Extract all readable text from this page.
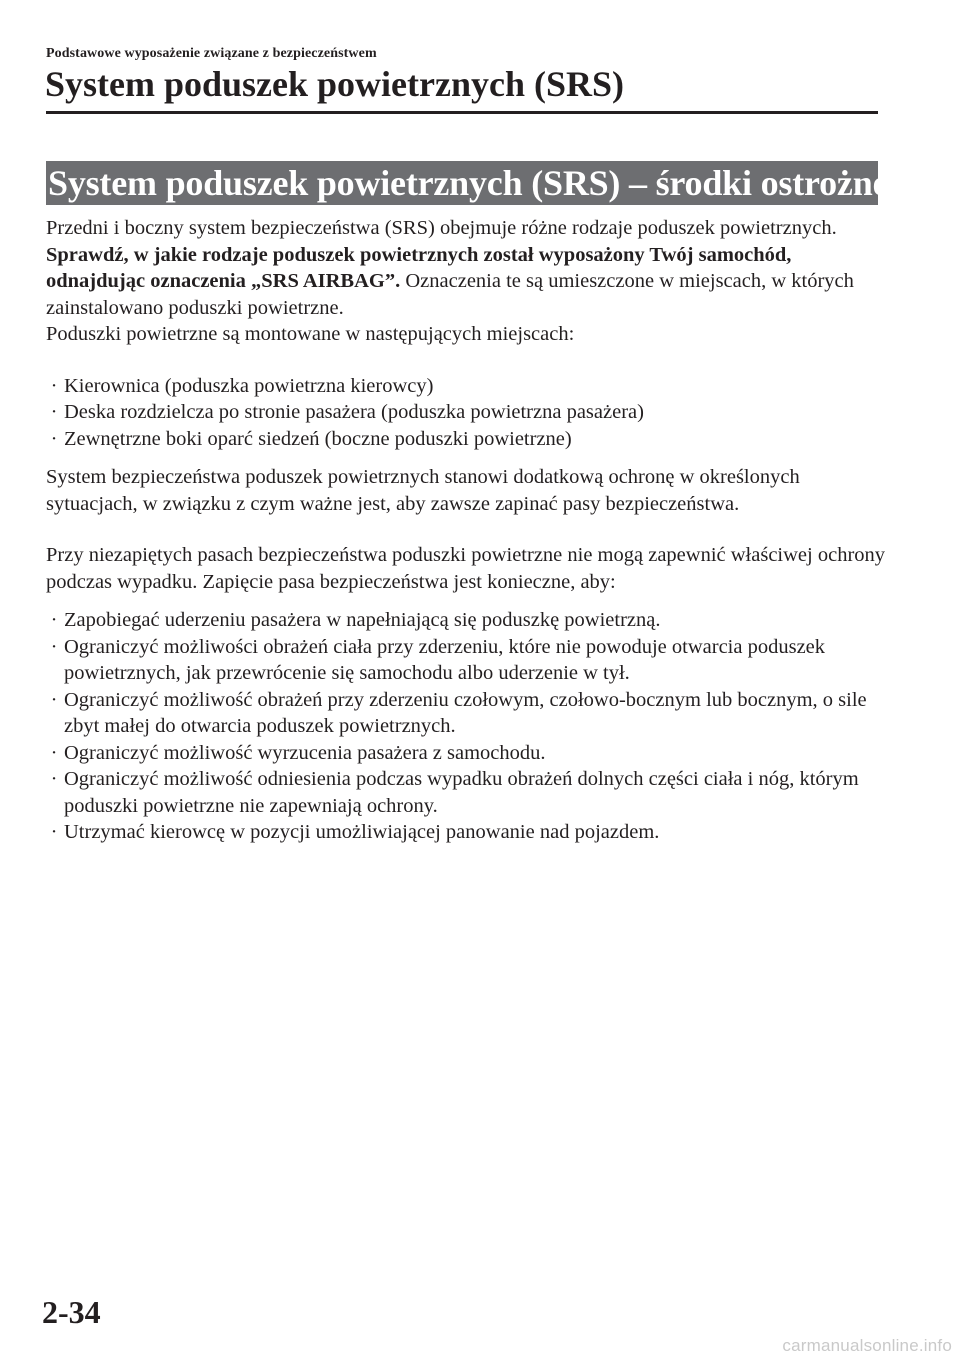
Podstawowe wyposażenie związane z bezpieczeństwem
System poduszek powietrznych (SRS)
System poduszek powietrznych (SRS) – środki ostrożności

Przedni i boczny system bezpieczeństwa (SRS) obejmuje różne rodzaje poduszek powietrznych. Sprawdź, w jakie rodzaje poduszek powietrznych został wyposażony Twój samochód, odnajdując oznaczenia „SRS AIRBAG”. Oznaczenia te są umieszczone w miejscach, w których zainstalowano poduszki powietrzne.

Poduszki powietrzne są montowane w następujących miejscach:

· Kierownica (poduszka powietrzna kierowcy)
· Deska rozdzielcza po stronie pasażera (poduszka powietrzna pasażera)
· Zewnętrzne boki oparć siedzeń (boczne poduszki powietrzne)

System bezpieczeństwa poduszek powietrznych stanowi dodatkową ochronę w określonych sytuacjach, w związku z czym ważne jest, aby zawsze zapinać pasy bezpieczeństwa.

Przy niezapiętych pasach bezpieczeństwa poduszki powietrzne nie mogą zapewnić właściwej ochrony podczas wypadku. Zapięcie pasa bezpieczeństwa jest konieczne, aby:

· Zapobiegać uderzeniu pasażera w napełniającą się poduszkę powietrzną.
· Ograniczyć możliwości obrażeń ciała przy zderzeniu, które nie powoduje otwarcia poduszek powietrznych, jak przewrócenie się samochodu albo uderzenie w tył.
· Ograniczyć możliwość obrażeń przy zderzeniu czołowym, czołowo-bocznym lub bocznym, o sile zbyt małej do otwarcia poduszek powietrznych.
· Ograniczyć możliwość wyrzucenia pasażera z samochodu.
· Ograniczyć możliwość odniesienia podczas wypadku obrażeń dolnych części ciała i nóg, którym poduszki powietrzne nie zapewniają ochrony.
· Utrzymać kierowcę w pozycji umożliwiającej panowanie nad pojazdem.
2-34
carmanualsonline.info
